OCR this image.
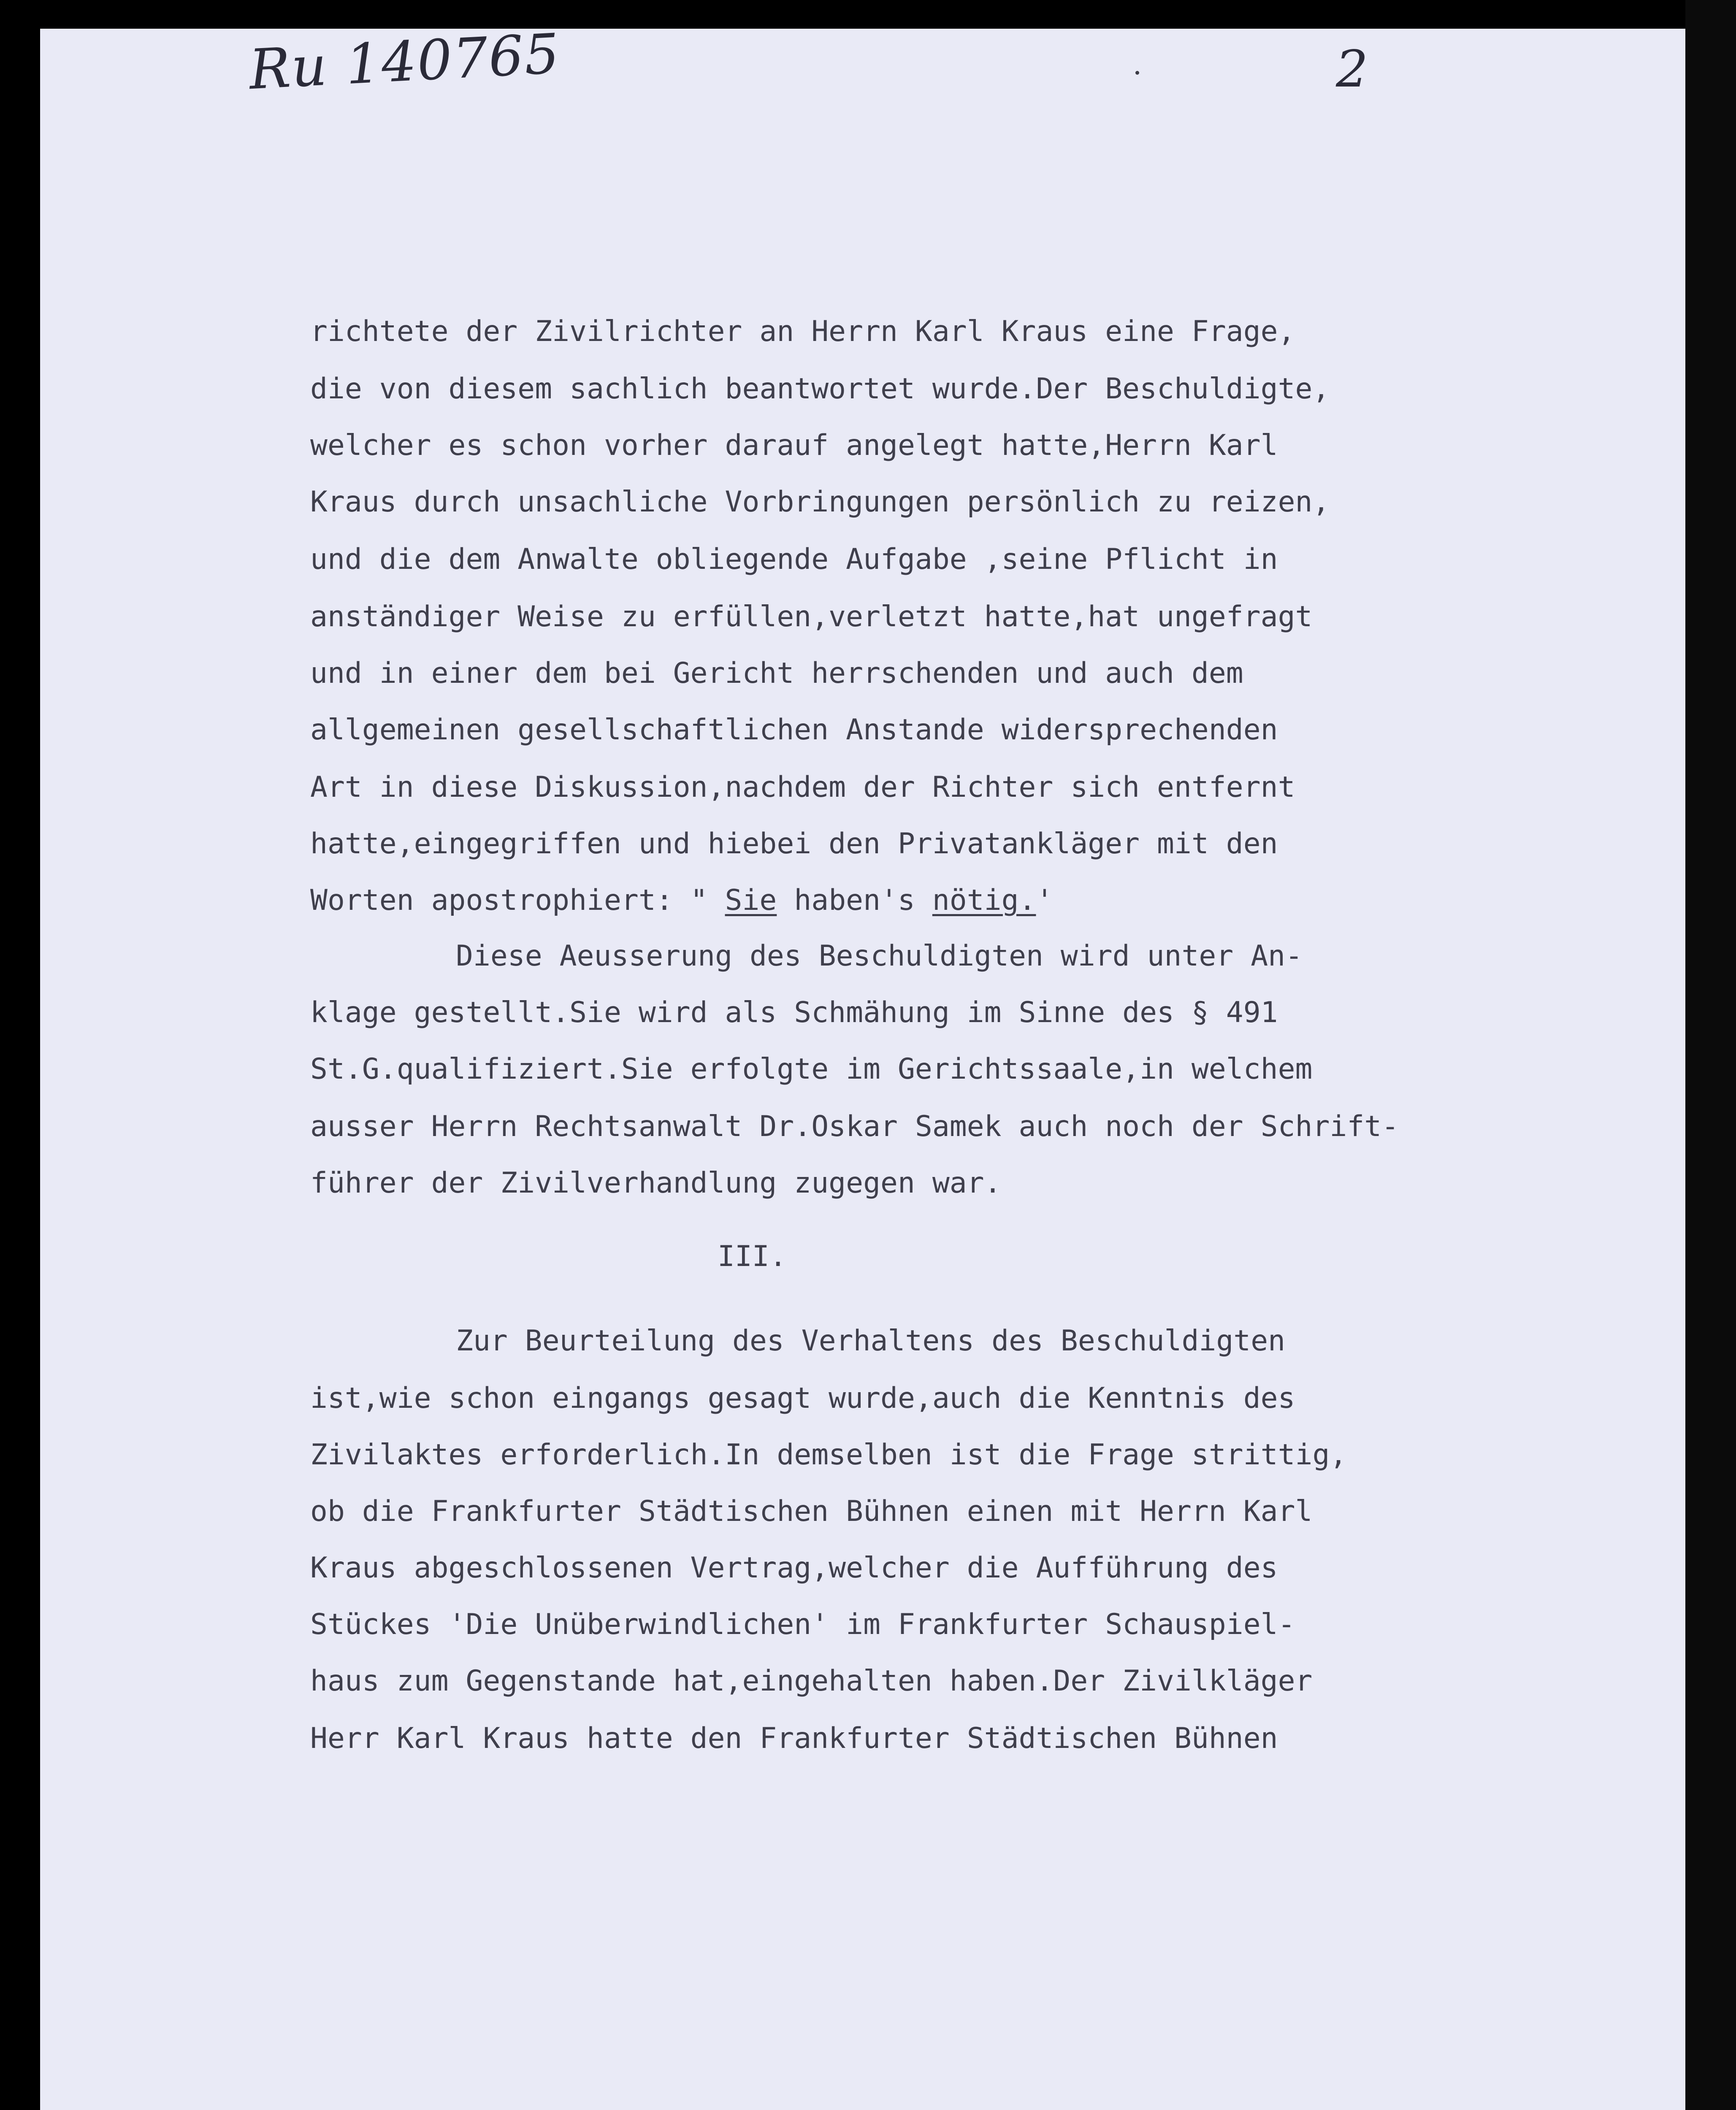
Ru 140765	2
richtete der Zivilrichter an Herrn Karl Kraus eine Frage,
die von diesem sachlich beantwortet wurde.Der Beschuldigte,
welcher es schon vorher darauf angelegt hatte,Herrn Karl
Kraus durch unsachliche Vorbringungen persönlich zu reizen,
und die dem Anwalte obliegende Aufgabe ,seine Pflicht in
anständiger Weise zu erfüllen,verletzt hatte,hat ungefragt
und in einer dem bei Gericht herrschenden und auch dem
allgemeinen gesellschaftlichen Anstande widersprechenden
Art in diese Diskussion,nachdem der Richter sich entfernt
hatte,eingegriffen und hiebei den Privatankläger mit den
Worten apostrophiert: " Sie haben's nötig.'
Diese Aeusserung des Beschuldigten wird unter An-
klage gestellt.Sie wird als Schmähung im Sinne des § 491
St.G.qualifiziert.Sie erfolgte im Gerichtssaale,in welchem
ausser Herrn Rechtsanwalt Dr.Oskar Samek auch noch der Schrift-
führer der Zivilverhandlung zugegen war.
III.
Zur Beurteilung des Verhaltens des Beschuldigten
ist,wie schon eingangs gesagt wurde,auch die Kenntnis des
Zivilaktes erforderlich.In demselben ist die Frage strittig,
ob die Frankfurter Städtischen Bühnen einen mit Herrn Karl
Kraus abgeschlossenen Vertrag,welcher die Aufführung des
Stückes 'Die Unüberwindlichen' im Frankfurter Schauspiel-
haus zum Gegenstande hat,eingehalten haben.Der Zivilkläger
Herr Karl Kraus hatte den Frankfurter Städtischen Bühnen
